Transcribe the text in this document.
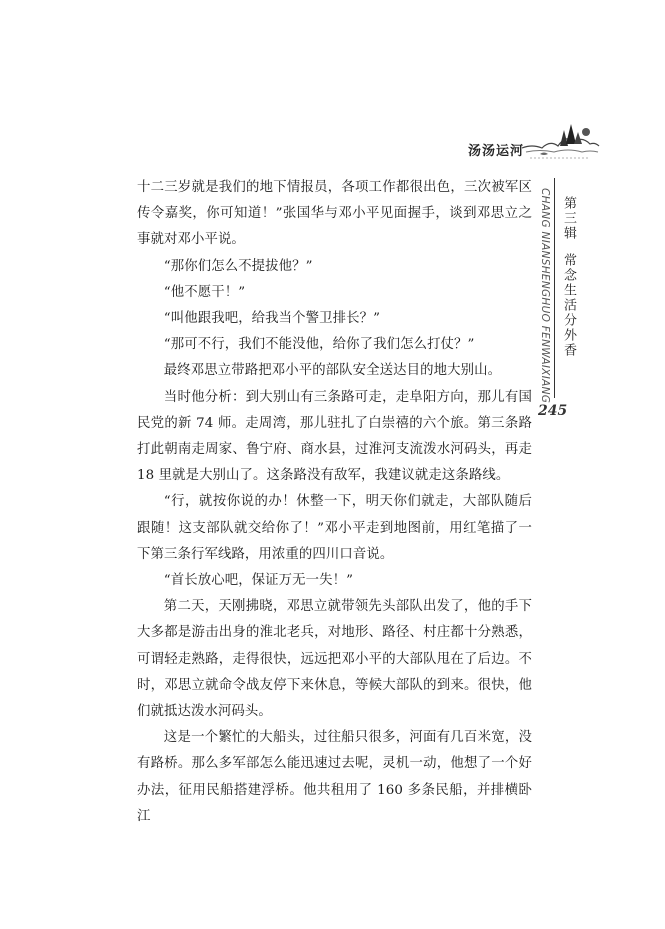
汤汤运河
CHANG NIANSHENGHUO FENWAIXIANG 第三辑常念生活分外香
245

十二三岁就是我们的地下情报员，各项工作都很出色，三次被军区传令嘉奖，你可知道！”张国华与邓小平见面握手，谈到邓思立之事就对邓小平说。

“那你们怎么不提拔他？”

“他不愿干！”

“叫他跟我吧，给我当个警卫排长？”

“那可不行，我们不能没他，给你了我们怎么打仗？”

最终邓思立带路把邓小平的部队安全送达目的地大别山。

当时他分析：到大别山有三条路可走，走阜阳方向，那儿有国民党的新 74 师。走周湾，那儿驻扎了白崇禧的六个旅。第三条路打此朝南走周家、鲁宁府、商水县，过淮河支流泼水河码头，再走 18 里就是大别山了。这条路没有敌军，我建议就走这条路线。

“行，就按你说的办！休整一下，明天你们就走，大部队随后跟随！这支部队就交给你了！”邓小平走到地图前，用红笔描了一下第三条行军线路，用浓重的四川口音说。

“首长放心吧，保证万无一失！”

第二天，天刚拂晓，邓思立就带领先头部队出发了，他的手下大多都是游击出身的淮北老兵，对地形、路径、村庄都十分熟悉，可谓轻走熟路，走得很快，远远把邓小平的大部队甩在了后边。不时，邓思立就命令战友停下来休息，等候大部队的到来。很快，他们就抵达泼水河码头。

这是一个繁忙的大船头，过往船只很多，河面有几百米宽，没有路桥。那么多军部怎么能迅速过去呢，灵机一动，他想了一个好办法，征用民船搭建浮桥。他共租用了 160 多条民船，并排横卧江
